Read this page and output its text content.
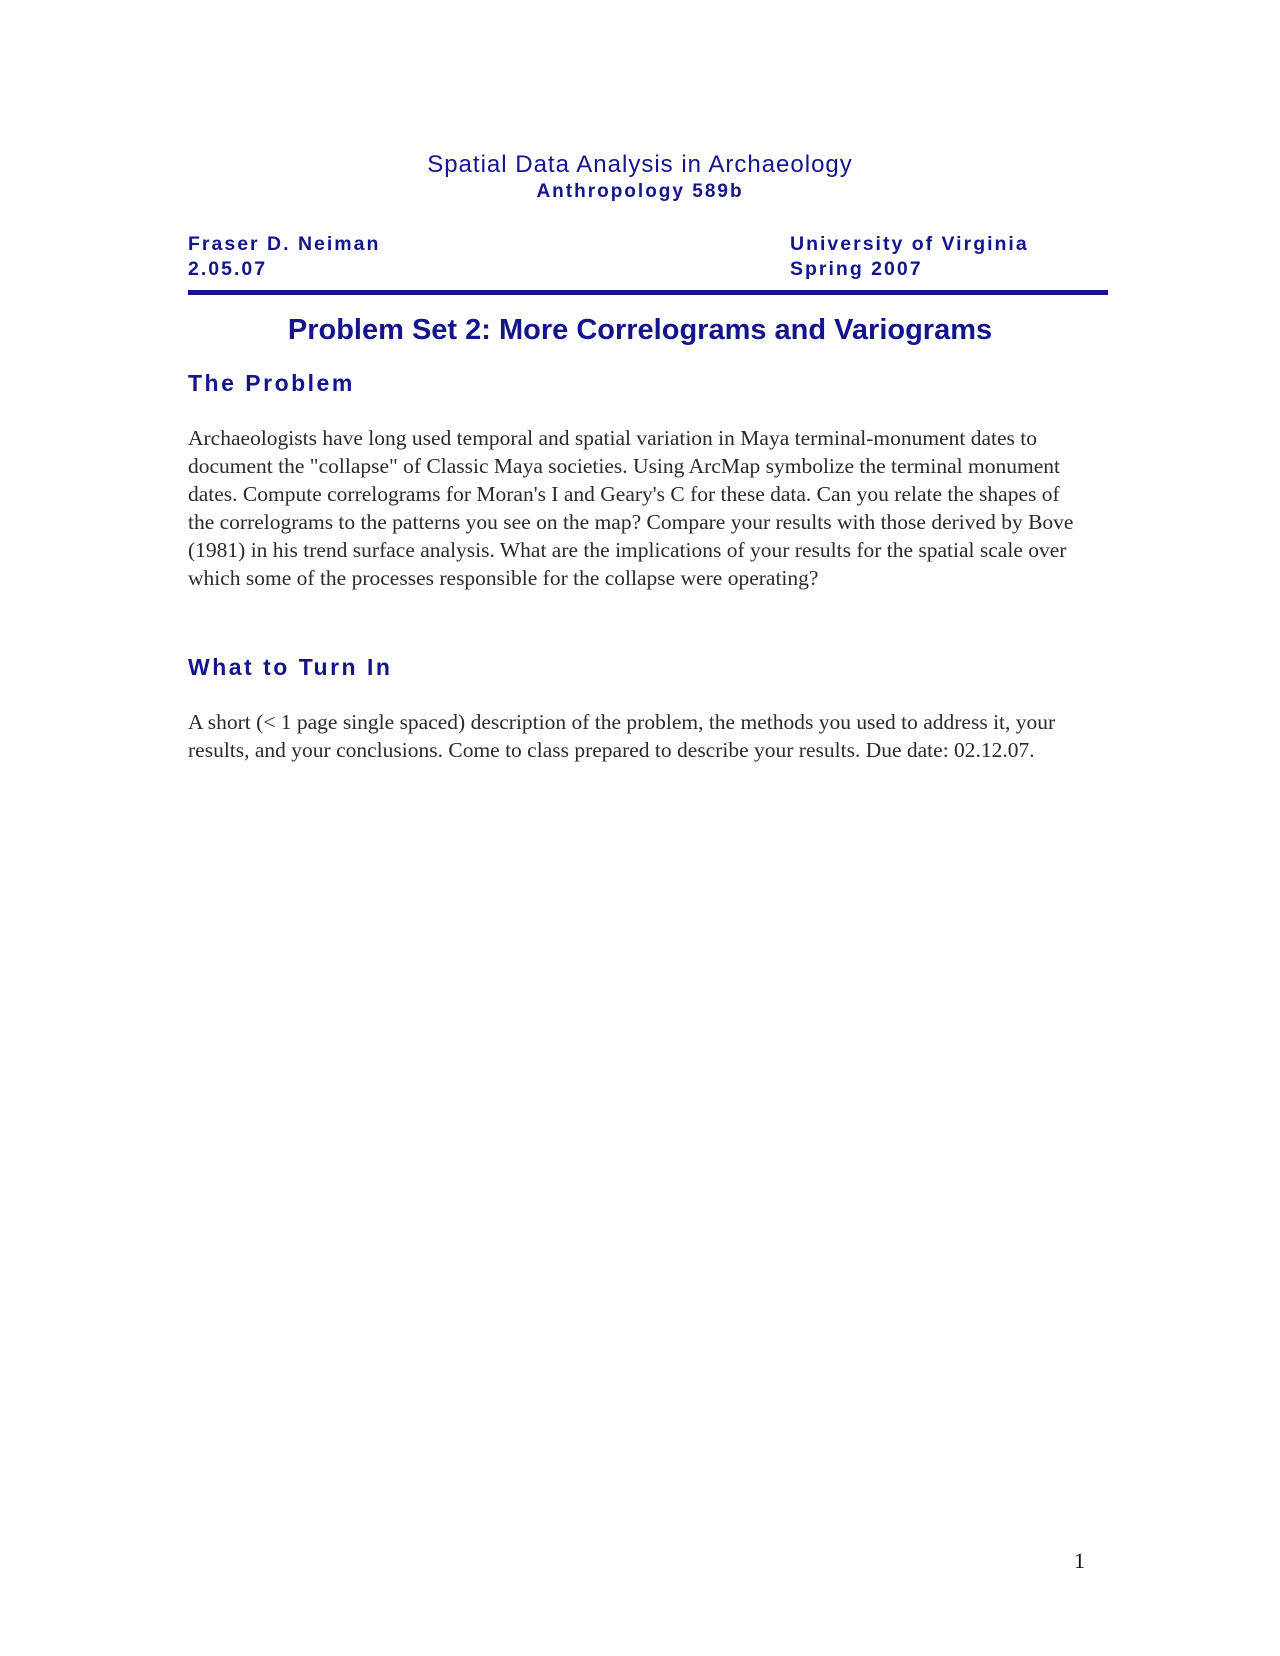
Spatial Data Analysis in Archaeology
Anthropology 589b
Fraser D. Neiman
2.05.07
University of Virginia
Spring 2007
Problem Set 2: More Correlograms and Variograms
The Problem
Archaeologists have long used temporal and spatial variation in Maya terminal-monument dates to document the "collapse" of Classic Maya societies. Using ArcMap symbolize the terminal monument dates. Compute correlograms for Moran's I and Geary's C for these data. Can you relate the shapes of the correlograms to the patterns you see on the map? Compare your results with those derived by Bove (1981) in his trend surface analysis. What are the implications of your results for the spatial scale over which some of the processes responsible for the collapse were operating?
What to Turn In
A short (< 1 page single spaced) description of the problem, the methods you used to address it, your results, and your conclusions. Come to class prepared to describe your results. Due date: 02.12.07.
1
